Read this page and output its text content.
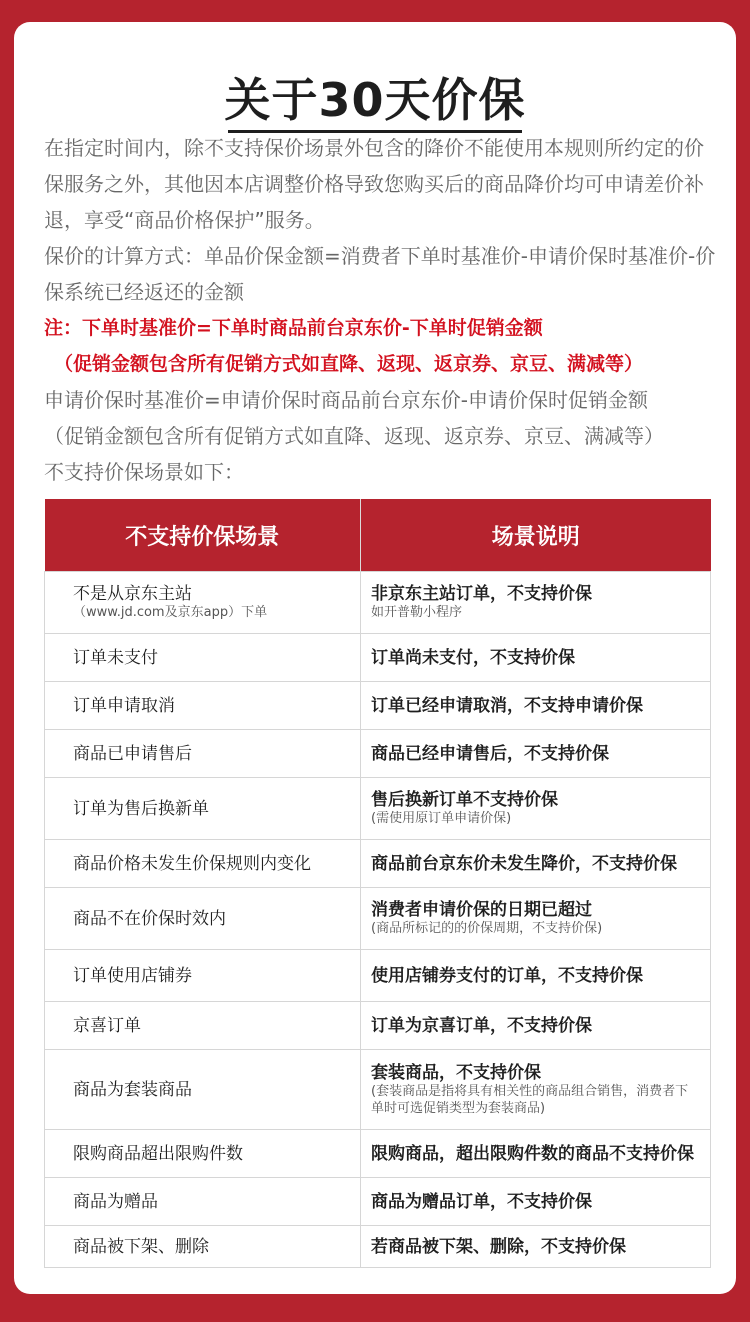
关于30天价保

在指定时间内，除不支持保价场景外包含的降价不能使用本规则所约定的价保服务之外，其他因本店调整价格导致您购买后的商品降价均可申请差价补退，享受“商品价格保护”服务。

保价的计算方式：单品价保金额=消费者下单时基准价-申请价保时基准价-价保系统已经返还的金额

注：下单时基准价=下单时商品前台京东价-下单时促销金额

（促销金额包含所有促销方式如直降、返现、返京券、京豆、满减等）

申请价保时基准价=申请价保时商品前台京东价-申请价保时促销金额

（促销金额包含所有促销方式如直降、返现、返京券、京豆、满减等）

不支持价保场景如下：

不支持价保场景	场景说明

不是从京东主站
（www.jd.com及京东app）下单	非京东主站订单，不支持价保
如开普勒小程序

订单未支付	订单尚未支付，不支持价保

订单申请取消	订单已经申请取消，不支持申请价保

商品已申请售后	商品已经申请售后，不支持价保

订单为售后换新单	售后换新订单不支持价保
(需使用原订单申请价保)

商品价格未发生价保规则内变化	商品前台京东价未发生降价，不支持价保

商品不在价保时效内	消费者申请价保的日期已超过
(商品所标记的的价保周期，不支持价保)

订单使用店铺券	使用店铺券支付的订单，不支持价保

京喜订单	订单为京喜订单，不支持价保

商品为套装商品	套装商品，不支持价保
(套装商品是指将具有相关性的商品组合销售，消费者下单时可选促销类型为套装商品)

限购商品超出限购件数	限购商品，超出限购件数的商品不支持价保

商品为赠品	商品为赠品订单，不支持价保

商品被下架、删除	若商品被下架、删除，不支持价保
